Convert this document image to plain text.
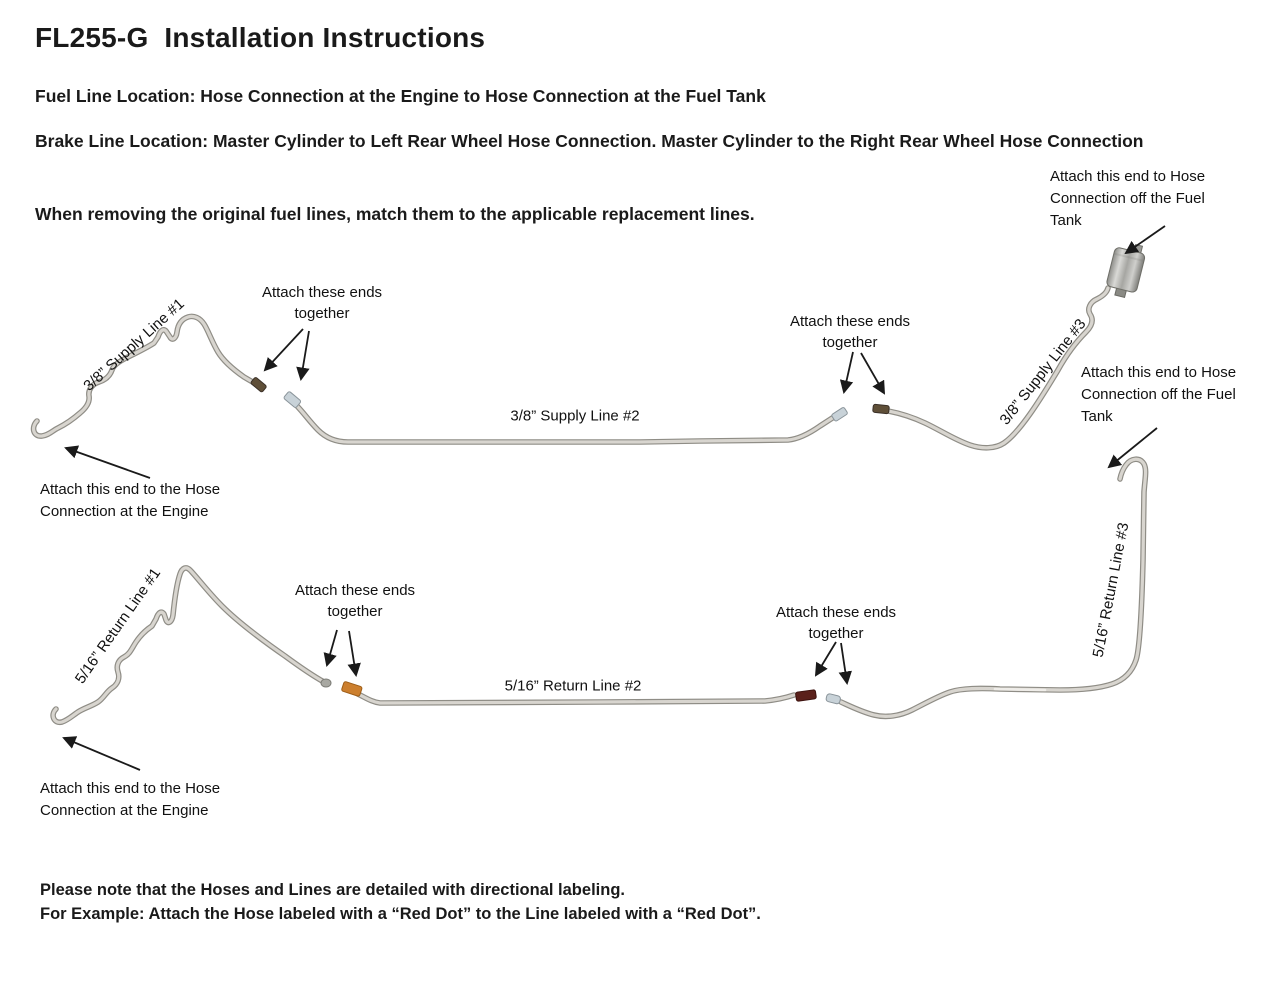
FL255-G  Installation Instructions
Fuel Line Location: Hose Connection at the Engine to Hose Connection at the Fuel Tank
Brake Line Location: Master Cylinder to Left Rear Wheel Hose Connection. Master Cylinder to the Right Rear Wheel Hose Connection
When removing the original fuel lines, match them to the applicable replacement lines.
3/8” Supply Line #1
3/8” Supply Line #2	3/8” Supply Line #3
5/16” Return Line #1	5/16” Return Line #2
5/16” Return Line #3
Attach these ends together	Attach these ends together
Attach these ends together	Attach these ends together
Attach this end to the Hose Connection at the Engine
Attach this end to the Hose Connection at the Engine
Attach this end to Hose Connection off the Fuel Tank
Attach this end to Hose Connection off the Fuel Tank
Please note that the Hoses and Lines are detailed with directional labeling.
For Example: Attach the Hose labeled with a “Red Dot” to the Line labeled with a “Red Dot”.
